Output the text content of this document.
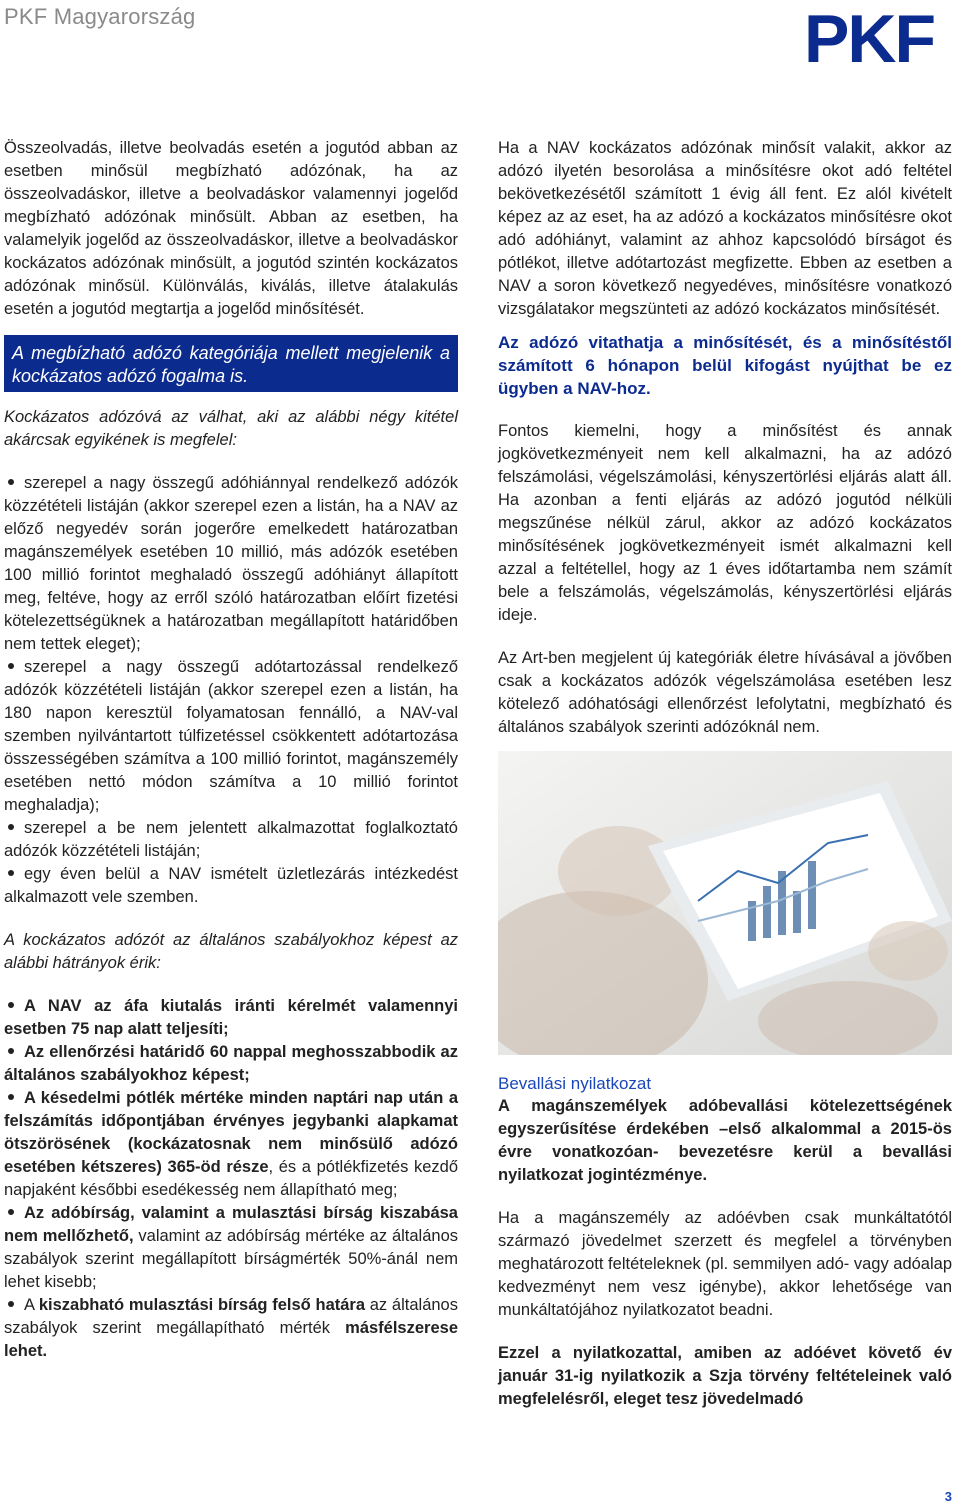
PKF Magyarország	PKF

Összeolvadás, illetve beolvadás esetén a jogutód abban az esetben minősül megbízható adózónak, ha az összeolvadáskor, illetve a beolvadáskor valamennyi jogelőd megbízható adózónak minősült. Abban az esetben, ha valamelyik jogelőd az összeolvadáskor, illetve a beolvadáskor kockázatos adózónak minősült, a jogutód szintén kockázatos adózónak minősül. Különválás, kiválás, illetve átalakulás esetén a jogutód megtartja a jogelőd minősítését.

A megbízható adózó kategóriája mellett megjelenik a kockázatos adózó fogalma is.

Kockázatos adózóvá az válhat, aki az alábbi négy kitétel akárcsak egyikének is megfelel:

szerepel a nagy összegű adóhiánnyal rendelkező adózók közzétételi listáján (akkor szerepel ezen a listán, ha a NAV az előző negyedév során jogerőre emelkedett határozatban magánszemélyek esetében 10 millió, más adózók esetében 100 millió forintot meghaladó összegű adóhiányt állapított meg, feltéve, hogy az erről szóló határozatban előírt fizetési kötelezettségüknek a határozatban megállapított határidőben nem tettek eleget);
szerepel a nagy összegű adótartozással rendelkező adózók közzétételi listáján (akkor szerepel ezen a listán, ha 180 napon keresztül folyamatosan fennálló, a NAV-val szemben nyilvántartott túlfizetéssel csökkentett adótartozása összességében számítva a 100 millió forintot, magánszemély esetében nettó módon számítva a 10 millió forintot meghaladja);
szerepel a be nem jelentett alkalmazottat foglalkoztató adózók közzétételi listáján;
egy éven belül a NAV ismételt üzletlezárás intézkedést alkalmazott vele szemben.

A kockázatos adózót az általános szabályokhoz képest az alábbi hátrányok érik:

A NAV az áfa kiutalás iránti kérelmét valamennyi esetben 75 nap alatt teljesíti;
Az ellenőrzési határidő 60 nappal meghosszabbodik az általános szabályokhoz képest;
A késedelmi pótlék mértéke minden naptári nap után a felszámítás időpontjában érvényes jegybanki alapkamat ötszörösének (kockázatosnak nem minősülő adózó esetében kétszeres) 365-öd része, és a pótlékfizetés kezdő napjaként későbbi esedékesség nem állapítható meg;
Az adóbírság, valamint a mulasztási bírság kiszabása nem mellőzhető, valamint az adóbírság mértéke az általános szabályok szerint megállapított bírságmérték 50%-ánál nem lehet kisebb;
A kiszabható mulasztási bírság felső határa az általános szabályok szerint megállapítható mérték másfélszerese lehet.

Ha a NAV kockázatos adózónak minősít valakit, akkor az adózó ilyetén besorolása a minősítésre okot adó feltétel bekövetkezésétől számított 1 évig áll fent. Ez alól kivételt képez az az eset, ha az adózó a kockázatos minősítésre okot adó adóhiányt, valamint az ahhoz kapcsolódó bírságot és pótlékot, illetve adótartozást megfizette. Ebben az esetben a NAV a soron következő negyedéves, minősítésre vonatkozó vizsgálatakor megszünteti az adózó kockázatos minősítését.

Az adózó vitathatja a minősítését, és a minősítéstől számított 6 hónapon belül kifogást nyújthat be ez ügyben a NAV-hoz.

Fontos kiemelni, hogy a minősítést és annak jogkövetkezményeit nem kell alkalmazni, ha az adózó felszámolási, végelszámolási, kényszertörlési eljárás alatt áll. Ha azonban a fenti eljárás az adózó jogutód nélküli megszűnése nélkül zárul, akkor az adózó kockázatos minősítésének jogkövetkezményeit ismét alkalmazni kell azzal a feltétellel, hogy az 1 éves időtartamba nem számít bele a felszámolás, végelszámolás, kényszertörlési eljárás ideje.

Az Art-ben megjelent új kategóriák életre hívásával a jövőben csak a kockázatos adózók végelszámolása esetében lesz kötelező adóhatósági ellenőrzést lefolytatni, megbízható és általános szabályok szerinti adózóknál nem.

Bevallási nyilatkozat

A magánszemélyek adóbevallási kötelezettségének egyszerűsítése érdekében –első alkalommal a 2015-ös évre vonatkozóan- bevezetésre kerül a bevallási nyilatkozat jogintézménye.

Ha a magánszemély az adóévben csak munkáltatótól származó jövedelmet szerzett és megfelel a törvényben meghatározott feltételeknek (pl. semmilyen adó- vagy adóalap kedvezményt nem vesz igénybe), akkor lehetősége van munkáltatójához nyilatkozatot beadni.

Ezzel a nyilatkozattal, amiben az adóévet követő év január 31-ig nyilatkozik a Szja törvény feltételeinek való megfelelésről, eleget tesz jövedelmadó

3
